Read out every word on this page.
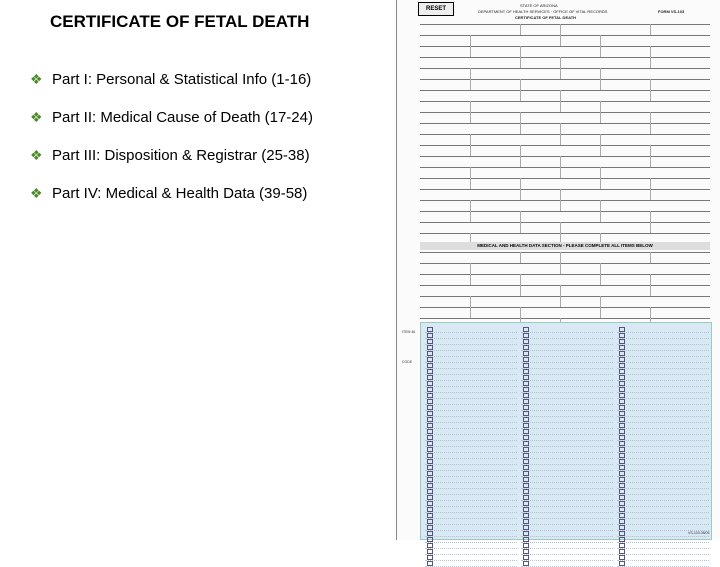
CERTIFICATE OF FETAL DEATH
❖ Part I: Personal & Statistical Info (1-16)
❖ Part II: Medical Cause of Death (17-24)
❖ Part III: Disposition & Registrar (25-38)
❖ Part IV: Medical & Health Data (39-58)
RESET
STATE OF ARIZONA
DEPARTMENT OF HEALTH SERVICES · OFFICE OF VITAL RECORDS
CERTIFICATE OF FETAL DEATH
FORM VS-103
MEDICAL AND HEALTH DATA SECTION - PLEASE COMPLETE ALL ITEMS BELOW
ITEM 46
CODE
VS-103 08/05
